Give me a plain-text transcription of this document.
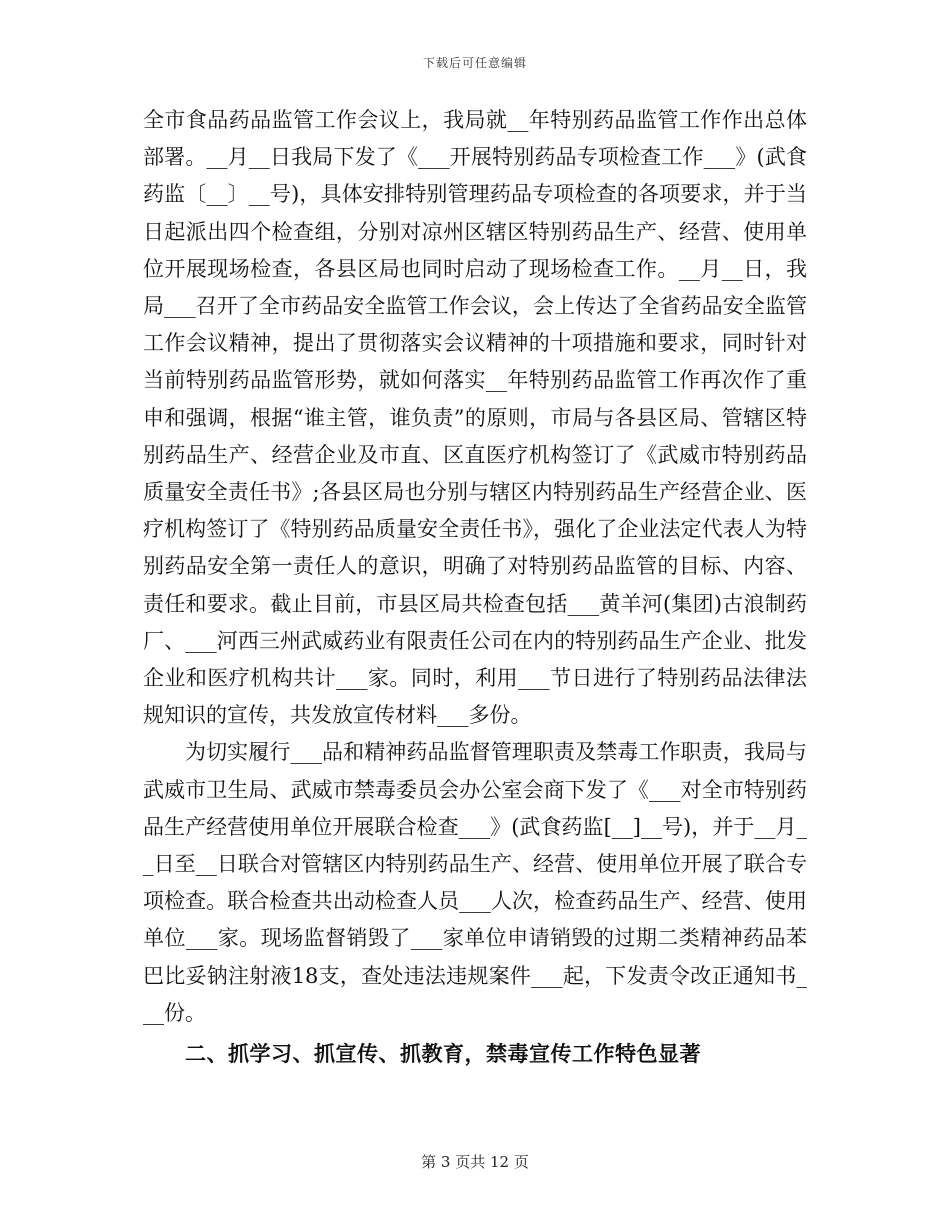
下载后可任意编辑

全市食品药品监管工作会议上，我局就__年特别药品监管工作作出总体部署。__月__日我局下发了《___开展特别药品专项检查工作___》(武食药监〔__〕__号)，具体安排特别管理药品专项检查的各项要求，并于当日起派出四个检查组，分别对凉州区辖区特别药品生产、经营、使用单位开展现场检查，各县区局也同时启动了现场检查工作。__月__日，我局___召开了全市药品安全监管工作会议，会上传达了全省药品安全监管工作会议精神，提出了贯彻落实会议精神的十项措施和要求，同时针对当前特别药品监管形势，就如何落实__年特别药品监管工作再次作了重申和强调，根据“谁主管，谁负责”的原则，市局与各县区局、管辖区特别药品生产、经营企业及市直、区直医疗机构签订了《武威市特别药品质量安全责任书》;各县区局也分别与辖区内特别药品生产经营企业、医疗机构签订了《特别药品质量安全责任书》，强化了企业法定代表人为特别药品安全第一责任人的意识，明确了对特别药品监管的目标、内容、责任和要求。截止目前，市县区局共检查包括___黄羊河(集团)古浪制药厂、___河西三州武威药业有限责任公司在内的特别药品生产企业、批发企业和医疗机构共计___家。同时，利用___节日进行了特别药品法律法规知识的宣传，共发放宣传材料___多份。

为切实履行___品和精神药品监督管理职责及禁毒工作职责，我局与武威市卫生局、武威市禁毒委员会办公室会商下发了《___对全市特别药品生产经营使用单位开展联合检查___》(武食药监[__]__号)，并于__月__日至__日联合对管辖区内特别药品生产、经营、使用单位开展了联合专项检查。联合检查共出动检查人员___人次，检查药品生产、经营、使用单位___家。现场监督销毁了___家单位申请销毁的过期二类精神药品苯巴比妥钠注射液18支，查处违法违规案件___起，下发责令改正通知书___份。

二、抓学习、抓宣传、抓教育，禁毒宣传工作特色显著

第 3 页共 12 页
